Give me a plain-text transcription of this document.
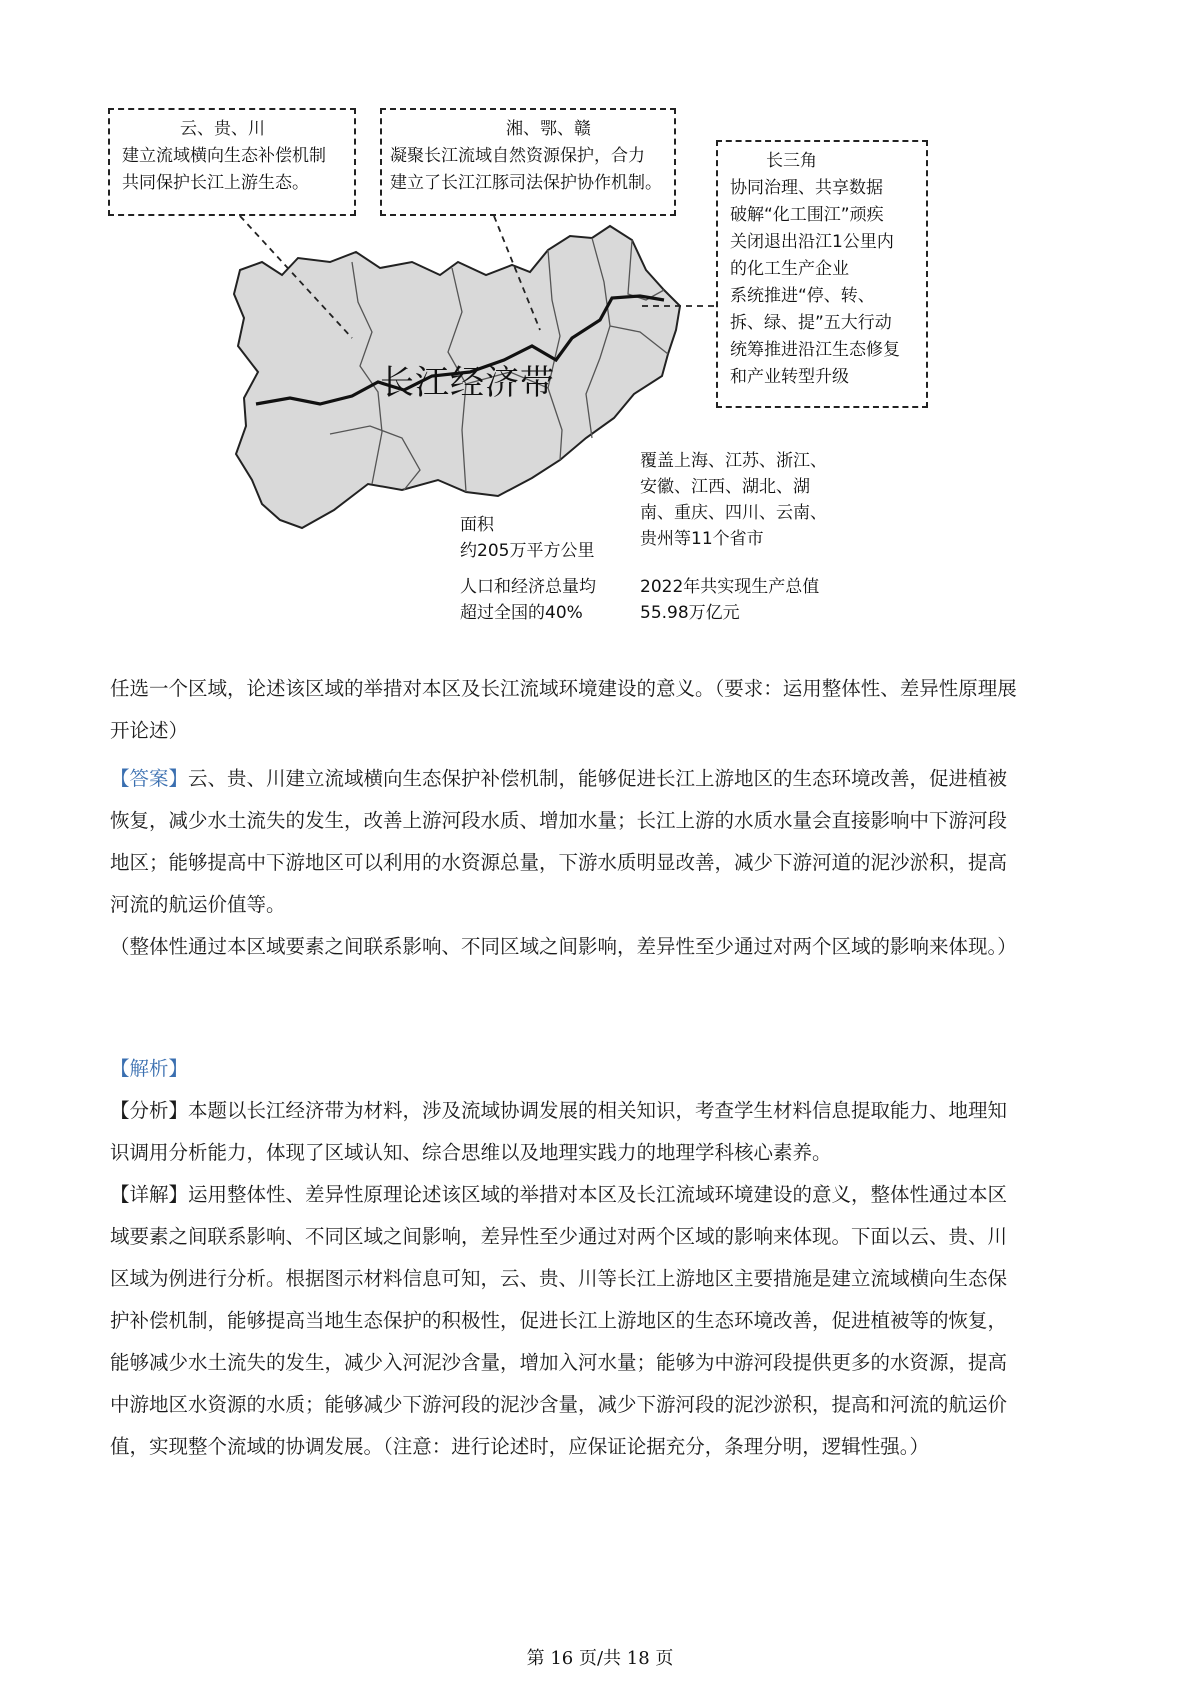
云、贵、川
建立流域横向生态补偿机制
共同保护长江上游生态。
湘、鄂、赣
凝聚长江流域自然资源保护，合力
建立了长江江豚司法保护协作机制。
长三角
协同治理、共享数据
破解“化工围江”顽疾
关闭退出沿江1公里内
的化工生产企业
系统推进“停、转、
拆、绿、提”五大行动
统筹推进沿江生态修复
和产业转型升级
长江经济带
覆盖上海、江苏、浙江、
安徽、江西、湖北、湖
南、重庆、四川、云南、
贵州等11个省市
面积
约205万平方公里
人口和经济总量均
超过全国的40%
2022年共实现生产总值
55.98万亿元

任选一个区域，论述该区域的举措对本区及长江流域环境建设的意义。（要求：运用整体性、差异性原理展

开论述）

【答案】云、贵、川建立流域横向生态保护补偿机制，能够促进长江上游地区的生态环境改善，促进植被

恢复，减少水土流失的发生，改善上游河段水质、增加水量；长江上游的水质水量会直接影响中下游河段

地区；能够提高中下游地区可以利用的水资源总量，下游水质明显改善，减少下游河道的泥沙淤积，提高

河流的航运价值等。

（整体性通过本区域要素之间联系影响、不同区域之间影响，差异性至少通过对两个区域的影响来体现。）

【解析】

【分析】本题以长江经济带为材料，涉及流域协调发展的相关知识，考查学生材料信息提取能力、地理知

识调用分析能力，体现了区域认知、综合思维以及地理实践力的地理学科核心素养。

【详解】运用整体性、差异性原理论述该区域的举措对本区及长江流域环境建设的意义，整体性通过本区

域要素之间联系影响、不同区域之间影响，差异性至少通过对两个区域的影响来体现。下面以云、贵、川

区域为例进行分析。根据图示材料信息可知，云、贵、川等长江上游地区主要措施是建立流域横向生态保

护补偿机制，能够提高当地生态保护的积极性，促进长江上游地区的生态环境改善，促进植被等的恢复，

能够减少水土流失的发生，减少入河泥沙含量，增加入河水量；能够为中游河段提供更多的水资源，提高

中游地区水资源的水质；能够减少下游河段的泥沙含量，减少下游河段的泥沙淤积，提高和河流的航运价

值，实现整个流域的协调发展。（注意：进行论述时，应保证论据充分，条理分明，逻辑性强。）

第 16 页/共 18 页
